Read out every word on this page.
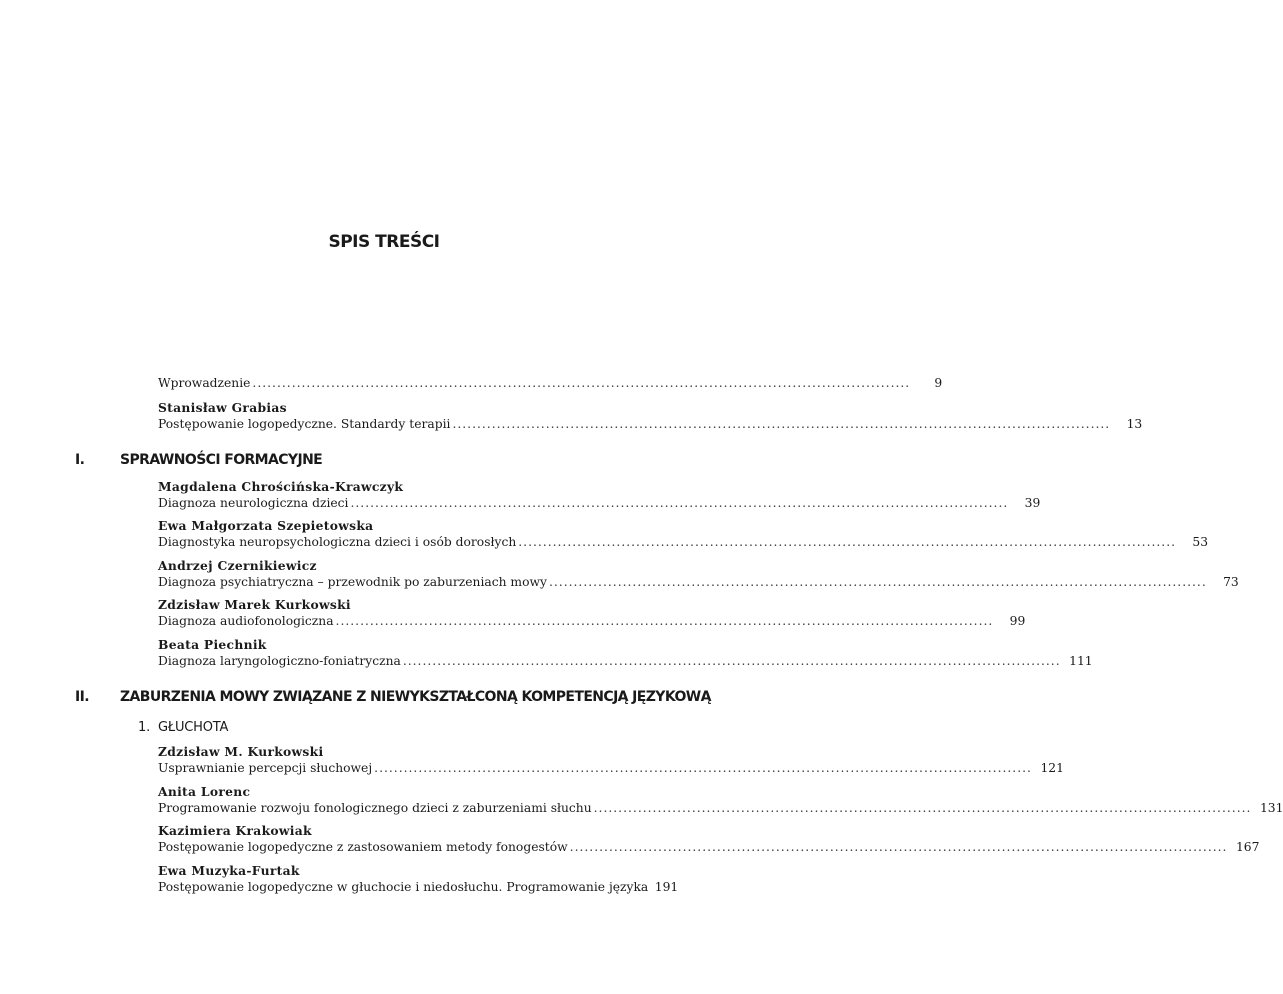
SPIS TREŚCI
Wprowadzenie ......................................................................................................................................	9
Stanisław Grabias
Postępowanie logopedyczne. Standardy terapii ......................................................................................................................................	13
I.	SPRAWNOŚCI FORMACYJNE
Magdalena Chrościńska-Krawczyk
Diagnoza neurologiczna dzieci ......................................................................................................................................	39
Ewa Małgorzata Szepietowska
Diagnostyka neuropsychologiczna dzieci i osób dorosłych ......................................................................................................................................	53
Andrzej Czernikiewicz
Diagnoza psychiatryczna – przewodnik po zaburzeniach mowy ......................................................................................................................................	73
Zdzisław Marek Kurkowski
Diagnoza audiofonologiczna ......................................................................................................................................	99
Beata Piechnik
Diagnoza laryngologiczno-foniatryczna ...................................................................................................................................... 111
II. ZABURZENIA MOWY ZWIĄZANE Z NIEWYKSZTAŁCONĄ KOMPETENCJĄ JĘZYKOWĄ
1. GŁUCHOTA
Zdzisław M. Kurkowski
Usprawnianie percepcji słuchowej ...................................................................................................................................... 121
Anita Lorenc
Programowanie rozwoju fonologicznego dzieci z zaburzeniami słuchu ...................................................................................................................................... 131
Kazimiera Krakowiak
Postępowanie logopedyczne z zastosowaniem metody fonogestów ...................................................................................................................................... 167
Ewa Muzyka-Furtak
Postępowanie logopedyczne w głuchocie i niedosłuchu. Programowanie języka 191
